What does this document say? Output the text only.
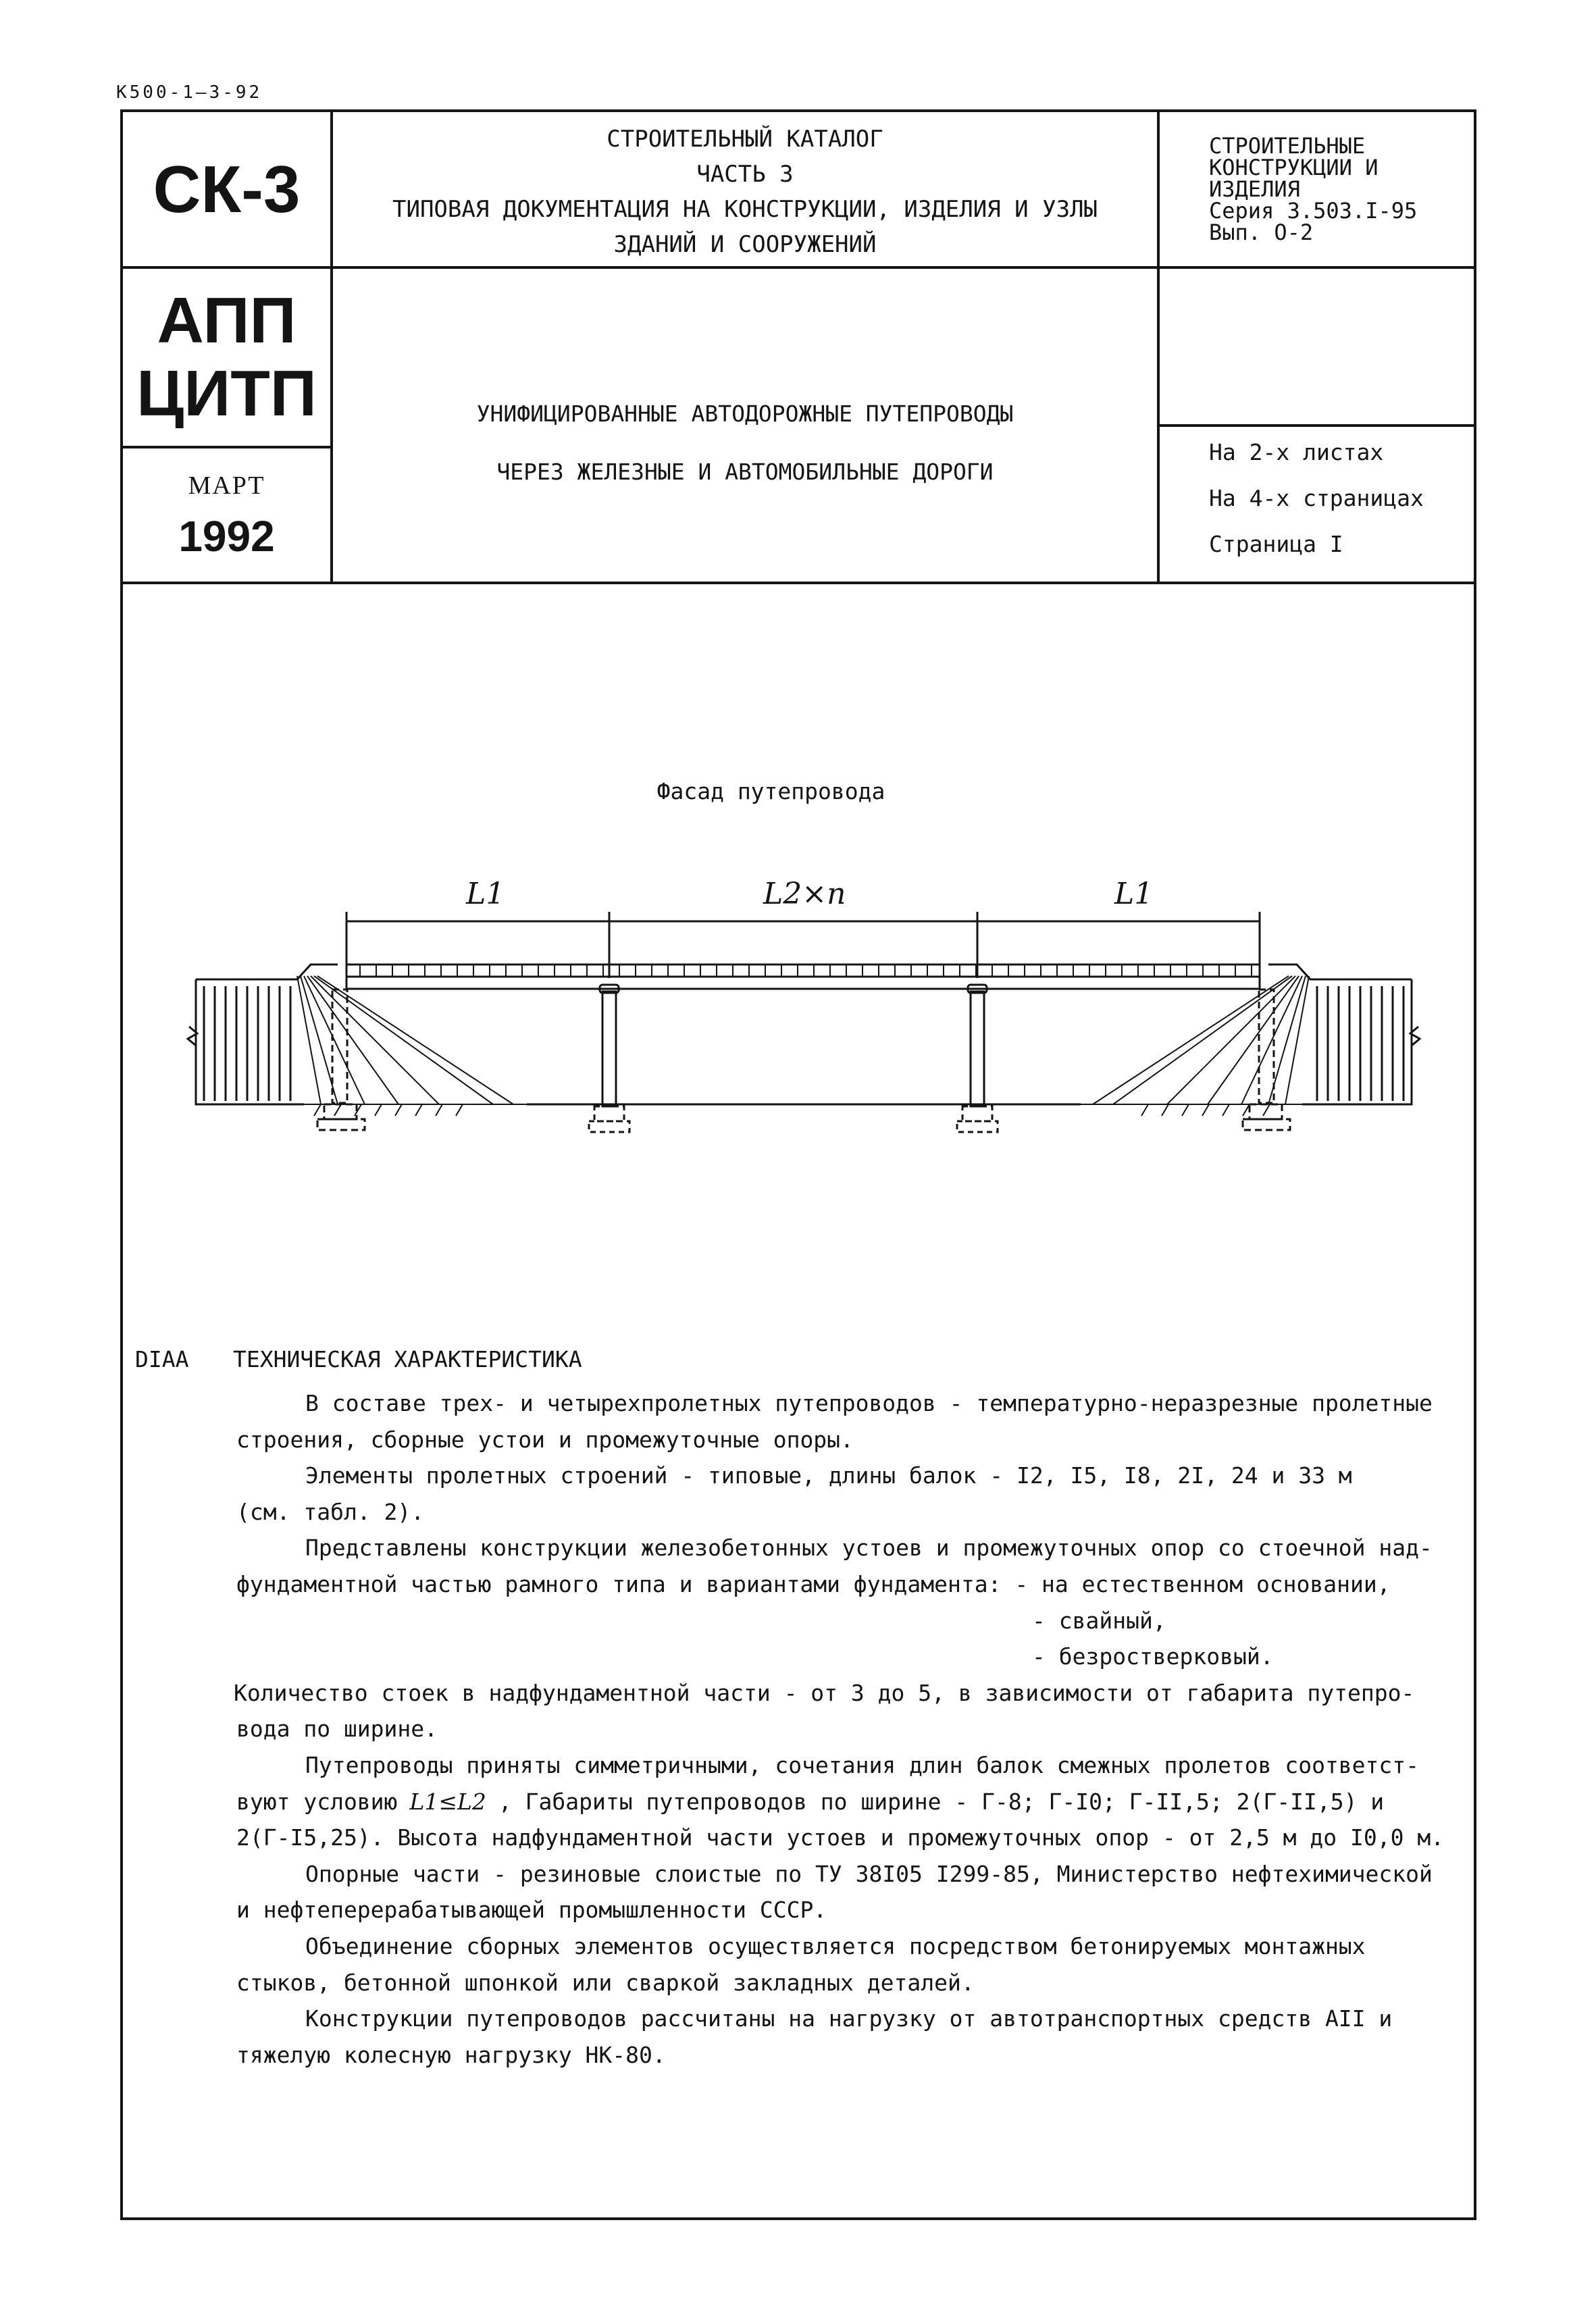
К500-1—3-92
СК-3
АПП
ЦИТП
МАРТ
1992
СТРОИТЕЛЬНЫЙ КАТАЛОГ
ЧАСТЬ 3
ТИПОВАЯ ДОКУМЕНТАЦИЯ НА КОНСТРУКЦИИ, ИЗДЕЛИЯ И УЗЛЫ
ЗДАНИЙ И СООРУЖЕНИЙ
СТРОИТЕЛЬНЫЕ
КОНСТРУКЦИИ И
ИЗДЕЛИЯ
Серия 3.503.I-95
Вып. О-2
УНИФИЦИРОВАННЫЕ АВТОДОРОЖНЫЕ ПУТЕПРОВОДЫ
ЧЕРЕЗ ЖЕЛЕЗНЫЕ И АВТОМОБИЛЬНЫЕ ДОРОГИ
На 2-х листах
На 4-х страницах
Страница I
Фасад путепровода
L1	L2×n	L1
DIAA ТЕХНИЧЕСКАЯ ХАРАКТЕРИСТИКА

В составе трех- и четырехпролетных путепроводов - температурно-неразрезные пролетные

строения, сборные устои и промежуточные опоры.

Элементы пролетных строений - типовые, длины балок - I2, I5, I8, 2I, 24 и 33 м

(см. табл. 2).

Представлены конструкции железобетонных устоев и промежуточных опор со стоечной над-

фундаментной частью рамного типа и вариантами фундамента: - на естественном основании,

- свайный,

- безростверковый.

Количество стоек в надфундаментной части - от 3 до 5, в зависимости от габарита путепро-

вода по ширине.

Путепроводы приняты симметричными, сочетания длин балок смежных пролетов соответст-

вуют условию L1≤L2 , Габариты путепроводов по ширине - Г-8; Г-I0; Г-II,5; 2(Г-II,5) и

2(Г-I5,25). Высота надфундаментной части устоев и промежуточных опор - от 2,5 м до I0,0 м.

Опорные части - резиновые слоистые по ТУ 38I05 I299-85, Министерство нефтехимической

и нефтеперерабатывающей промышленности СССР.

Объединение сборных элементов осуществляется посредством бетонируемых монтажных

стыков, бетонной шпонкой или сваркой закладных деталей.

Конструкции путепроводов рассчитаны на нагрузку от автотранспортных средств АII и

тяжелую колесную нагрузку НК-80.
